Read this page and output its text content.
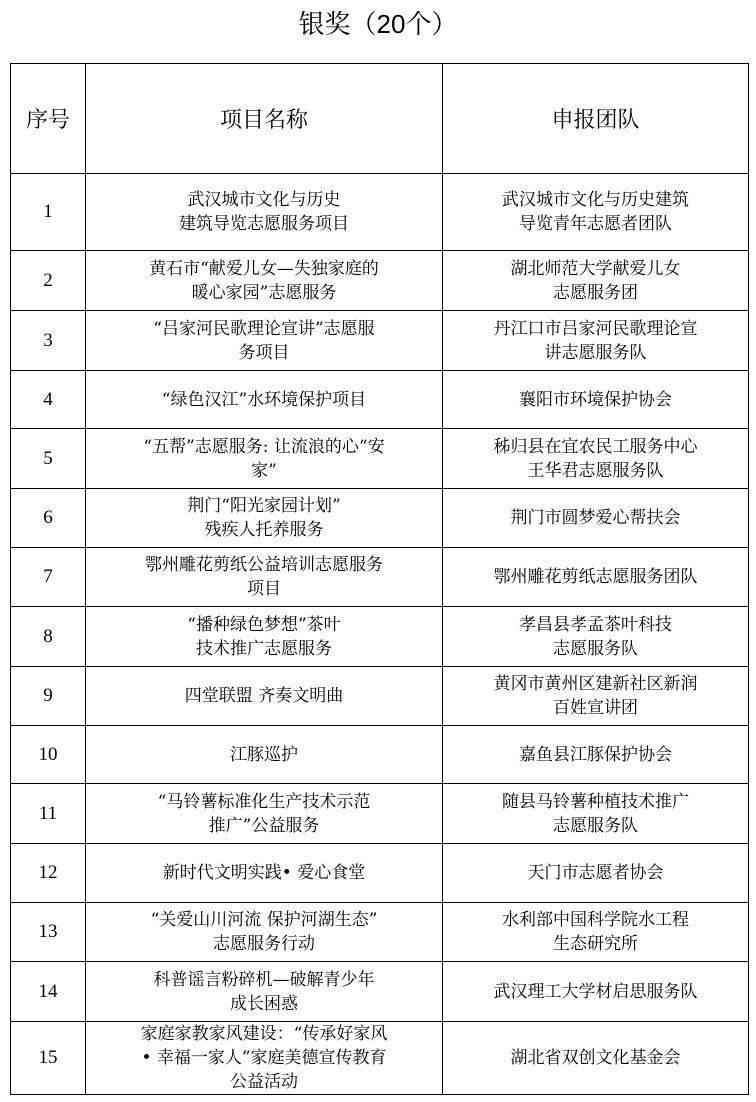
银奖（20个）
序号	项目名称	申报团队
1	武汉城市文化与历史
建筑导览志愿服务项目	武汉城市文化与历史建筑
导览青年志愿者团队
2	黄石市“献爱儿女—失独家庭的
暖心家园”志愿服务	湖北师范大学献爱儿女
志愿服务团
3	“吕家河民歌理论宣讲”志愿服
务项目	丹江口市吕家河民歌理论宣
讲志愿服务队
4	“绿色汉江”水环境保护项目	襄阳市环境保护协会
5	“五帮”志愿服务: 让流浪的心“安
家”	秭归县在宜农民工服务中心
王华君志愿服务队
6	荆门“阳光家园计划”
残疾人托养服务	荆门市圆梦爱心帮扶会
7	鄂州雕花剪纸公益培训志愿服务
项目	鄂州雕花剪纸志愿服务团队
8	“播种绿色梦想”茶叶
技术推广志愿服务	孝昌县孝孟茶叶科技
志愿服务队
9	四堂联盟 齐奏文明曲	黄冈市黄州区建新社区新润
百姓宣讲团
10	江豚巡护	嘉鱼县江豚保护协会
11	“马铃薯标准化生产技术示范
推广”公益服务	随县马铃薯种植技术推广
志愿服务队
12	新时代文明实践• 爱心食堂	天门市志愿者协会
13	“关爱山川河流 保护河湖生态”
志愿服务行动	水利部中国科学院水工程
生态研究所
14	科普谣言粉碎机—破解青少年
成长困惑	武汉理工大学材启思服务队
15	家庭家教家风建设：“传承好家风
• 幸福一家人”家庭美德宣传教育
公益活动	湖北省双创文化基金会
